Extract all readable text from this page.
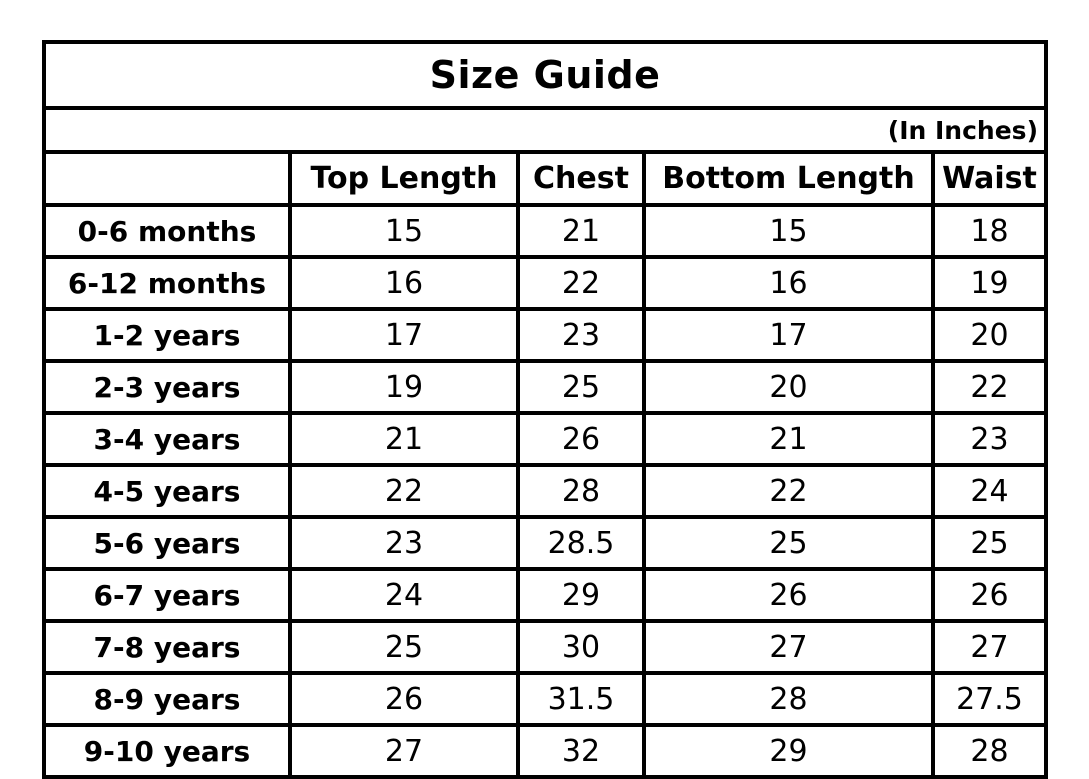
Size Guide				
(In Inches)				
	Top Length	Chest	Bottom Length	Waist
0-6 months	15	21	15	18
6-12 months	16	22	16	19
1-2 years	17	23	17	20
2-3 years	19	25	20	22
3-4 years	21	26	21	23
4-5 years	22	28	22	24
5-6 years	23	28.5	25	25
6-7 years	24	29	26	26
7-8 years	25	30	27	27
8-9 years	26	31.5	28	27.5
9-10 years	27	32	29	28
